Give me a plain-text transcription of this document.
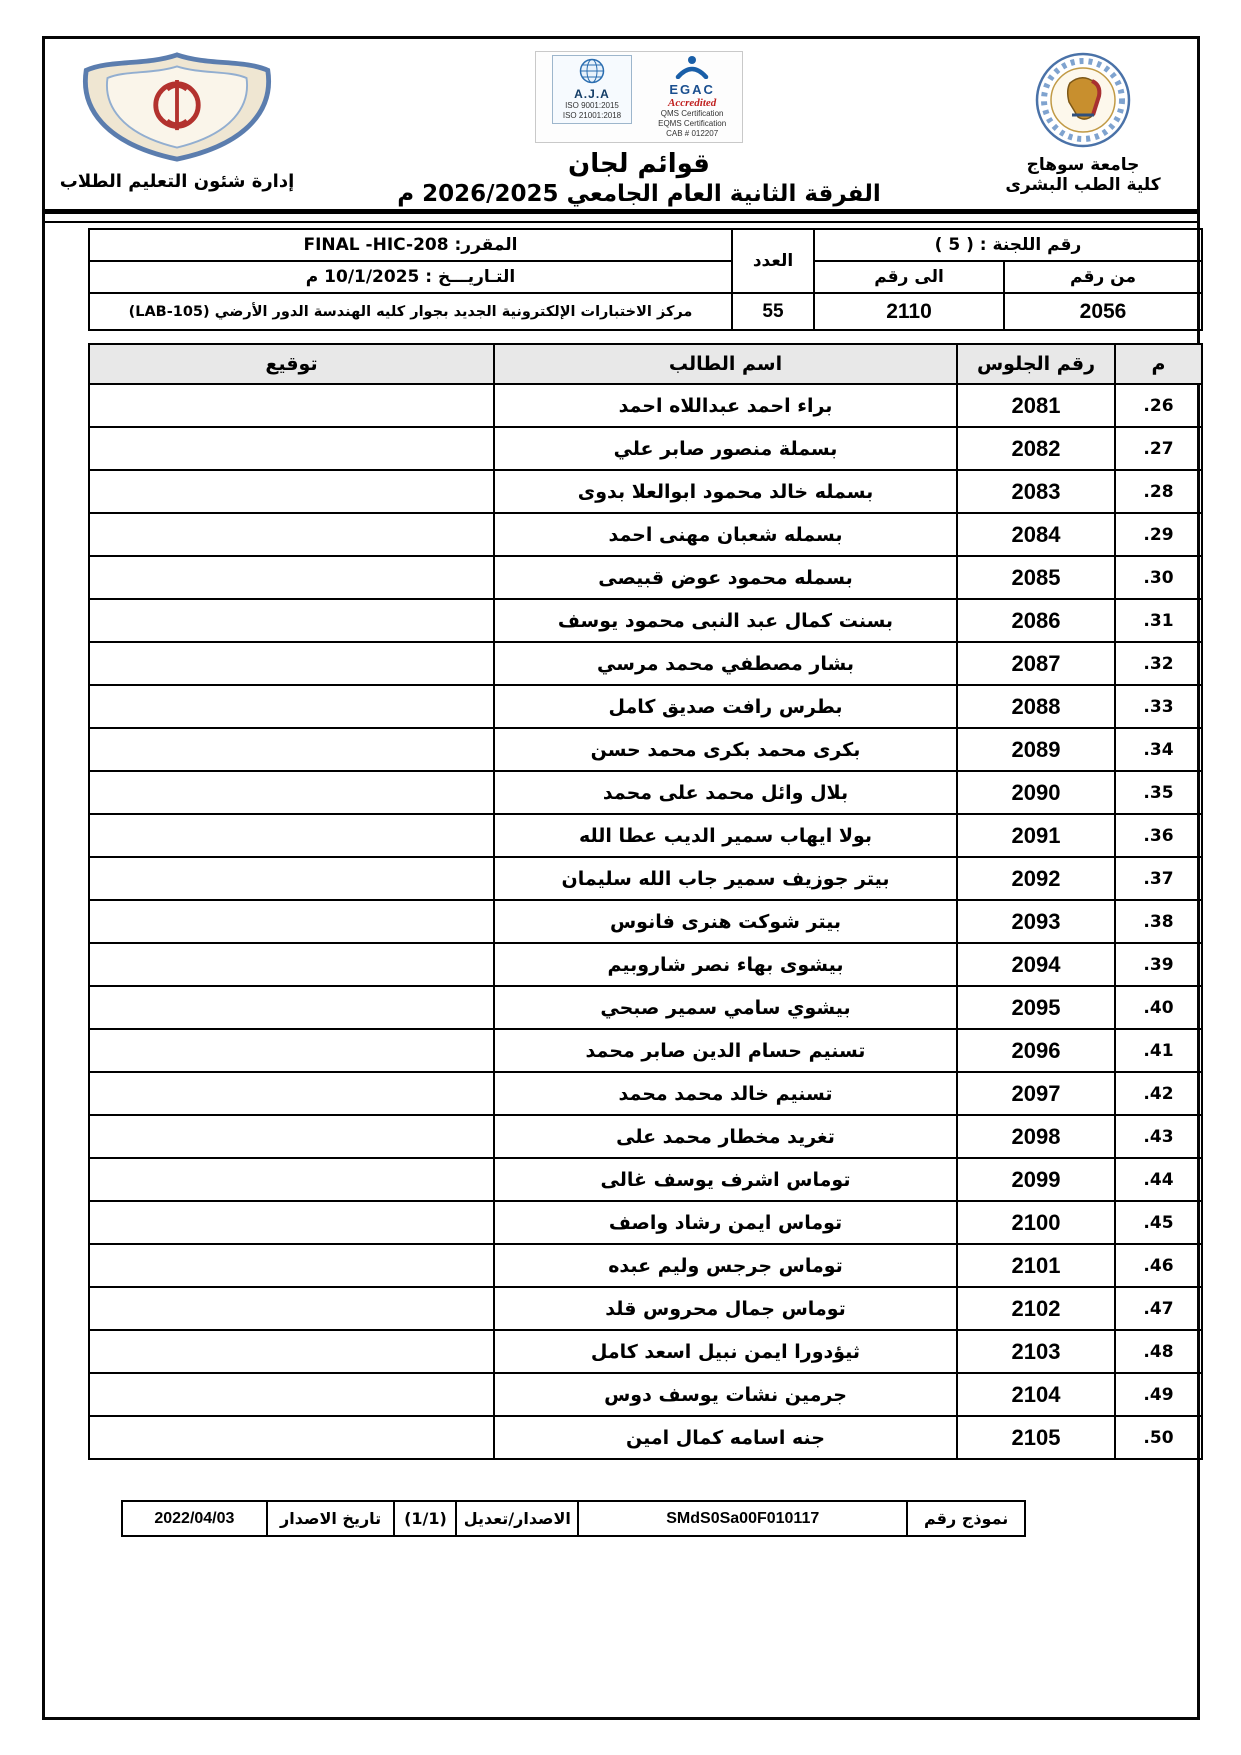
جامعة سوهاج
كلية الطب البشرى
EGAC
Accredited
QMS Certification
EQMS Certification
CAB # 012207
A.J.A
ISO 9001:2015
ISO 21001:2018
قوائم لجان
الفرقة الثانية العام الجامعي 2026/2025 م
إدارة شئون التعليم الطلاب
رقم اللجنة : ( 5 )		العدد	المقرر: FINAL -HIC-208
من رقم	الى رقم		التـاريـــخ : 10/1/2025 م
2056	2110	55	مركز الاختبارات الإلكترونية الجديد بجوار كليه الهندسة الدور الأرضي (LAB-105)
م	رقم الجلوس	اسم الطالب	توقيع
26.	2081	براء احمد عبداللاه احمد	
27.	2082	بسملة منصور صابر علي	
28.	2083	بسمله خالد محمود ابوالعلا بدوى	
29.	2084	بسمله شعبان مهنى احمد	
30.	2085	بسمله محمود عوض قبيصى	
31.	2086	بسنت كمال عبد النبى محمود يوسف	
32.	2087	بشار مصطفي محمد مرسي	
33.	2088	بطرس رافت صديق كامل	
34.	2089	بكرى محمد بكرى محمد حسن	
35.	2090	بلال وائل محمد على محمد	
36.	2091	بولا ايهاب سمير الديب عطا الله	
37.	2092	بيتر جوزيف سمير جاب الله سليمان	
38.	2093	بيتر شوكت هنرى فانوس	
39.	2094	بيشوى بهاء نصر شاروبيم	
40.	2095	بيشوي سامي سمير صبحي	
41.	2096	تسنيم حسام الدين صابر محمد	
42.	2097	تسنيم خالد محمد محمد	
43.	2098	تغريد مخطار محمد على	
44.	2099	توماس اشرف يوسف غالى	
45.	2100	توماس ايمن رشاد واصف	
46.	2101	توماس جرجس وليم عبده	
47.	2102	توماس جمال محروس قلد	
48.	2103	ثيؤدورا ايمن نبيل اسعد كامل	
49.	2104	جرمين نشات يوسف دوس	
50.	2105	جنه اسامه كمال امين	
نموذج رقم	SMdS0Sa00F010117	الاصدار/تعديل	(1/1)	تاريخ الاصدار	2022/04/03
